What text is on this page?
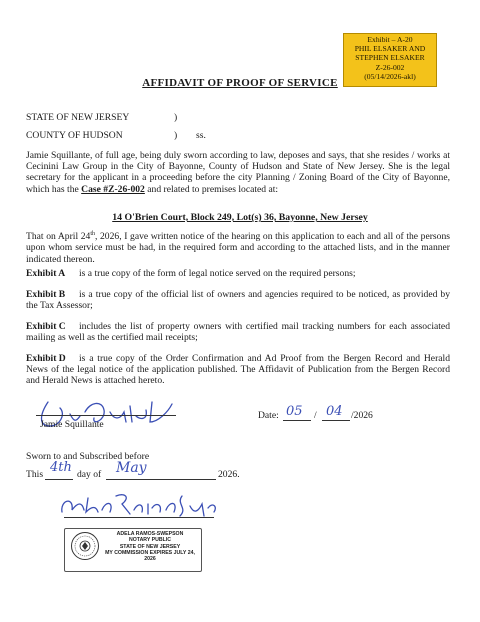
Exhibit – A-20
PHIL ELSAKER AND
STEPHEN ELSAKER
Z-26-002
(05/14/2026-akl)
AFFIDAVIT OF PROOF OF SERVICE
STATE OF NEW JERSEY	)
COUNTY OF HUDSON	) ss.
Jamie Squillante, of full age, being duly sworn according to law, deposes and says, that she resides / works at Cecinini Law Group in the City of Bayonne, County of Hudson and State of New Jersey. She is the legal secretary for the applicant in a proceeding before the city Planning / Zoning Board of the City of Bayonne, which has the Case #Z-26-002 and related to premises located at:
14 O'Brien Court, Block 249, Lot(s) 36, Bayonne, New Jersey
That on April 24th, 2026, I gave written notice of the hearing on this application to each and all of the persons upon whom service must be had, in the required form and according to the attached lists, and in the manner indicated thereon.
Exhibit A is a true copy of the form of legal notice served on the required persons;
Exhibit B is a true copy of the official list of owners and agencies required to be noticed, as provided by the Tax Assessor;
Exhibit C includes the list of property owners with certified mail tracking numbers for each associated mailing as well as the certified mail receipts;
Exhibit D is a true copy of the Order Confirmation and Ad Proof from the Bergen Record and Herald News of the legal notice of the application published. The Affidavit of Publication from the Bergen Record and Herald News is attached hereto.
Jamie Squillante
Date: 05 / 04 /2026
Sworn to and Subscribed before
This 4th day of May	2026.
ADELA RAMOS-SWEPSON
NOTARY PUBLIC
STATE OF NEW JERSEY
MY COMMISSION EXPIRES JULY 24, 2026
